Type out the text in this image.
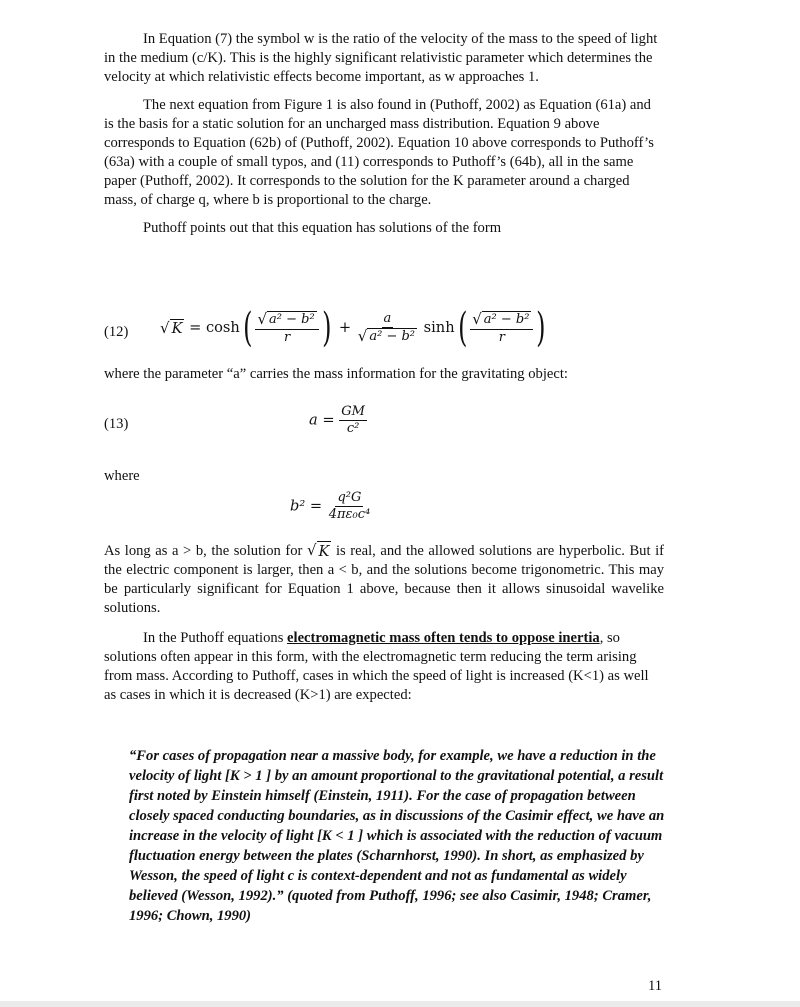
In Equation (7) the symbol w is the ratio of the velocity of the mass to the speed of light in the medium (c/K). This is the highly significant relativistic parameter which determines the velocity at which relativistic effects become important, as w approaches 1.

The next equation from Figure 1 is also found in (Puthoff, 2002) as Equation (61a) and is the basis for a static solution for an uncharged mass distribution. Equation 9 above corresponds to Equation (62b) of (Puthoff, 2002). Equation 10 above corresponds to Puthoff’s (63a) with a couple of small typos, and (11) corresponds to Puthoff’s (64b), all in the same paper (Puthoff, 2002). It corresponds to the solution for the K parameter around a charged mass, of charge q, where b is proportional to the charge.

Puthoff points out that this equation has solutions of the form

(12) √ $K = \cosh( \frac{\text{√ a² − b²}}{r}$ ) + $\frac{a}{\text{√ a² − b²}} \sinh( \frac{\text{√ a² − b²}}{r}$ )

where the parameter “a” carries the mass information for the gravitating object:

(13)	$a = \frac{GM}{\text{c²}}$

where

$b^2 = \frac{\text{q²G}}{\text{4πε₀c⁴}}$

As long as a > b, the solution for √ K is real, and the allowed solutions are hyperbolic. But if the electric component is larger, then a < b, and the solutions become trigonometric. This may be particularly significant for Equation 1 above, because then it allows sinusoidal wavelike solutions.

In the Puthoff equations electromagnetic mass often tends to oppose inertia, so solutions often appear in this form, with the electromagnetic term reducing the term arising from mass. According to Puthoff, cases in which the speed of light is increased (K<1) as well as cases in which it is decreased (K>1) are expected:

“For cases of propagation near a massive body, for example, we have a reduction in the velocity of light [K > 1 ] by an amount proportional to the gravitational potential, a result first noted by Einstein himself (Einstein, 1911). For the case of propagation between closely spaced conducting boundaries, as in discussions of the Casimir effect, we have an increase in the velocity of light [K < 1 ] which is associated with the reduction of vacuum fluctuation energy between the plates (Scharnhorst, 1990). In short, as emphasized by Wesson, the speed of light c is context-dependent and not as fundamental as widely believed (Wesson, 1992).” (quoted from Puthoff, 1996; see also Casimir, 1948; Cramer, 1996; Chown, 1990)
11
